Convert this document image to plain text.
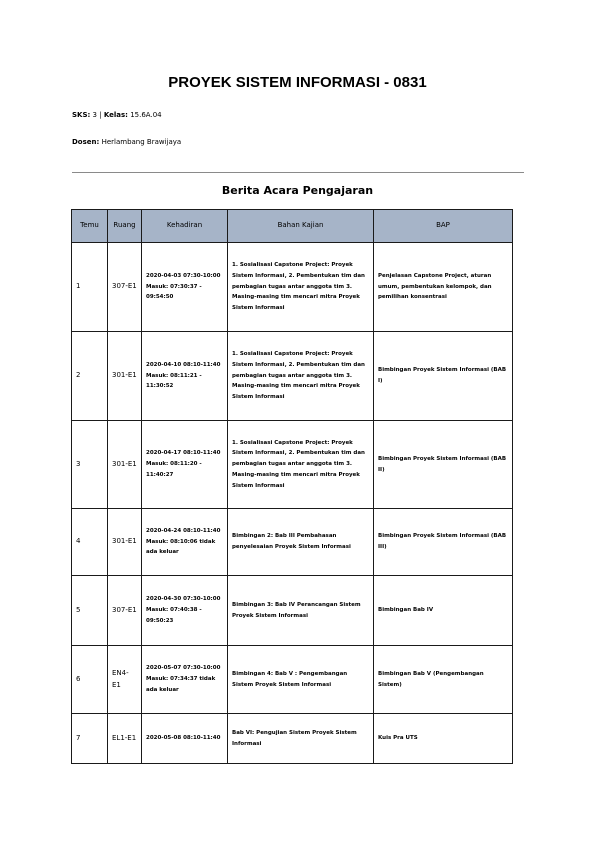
PROYEK SISTEM INFORMASI - 0831
SKS: 3 | Kelas: 15.6A.04
Dosen: Herlambang Brawijaya
Berita Acara Pengajaran
Temu	Ruang	Kehadiran	Bahan Kajian	BAP
1	307-E1	2020-04-03 07:30-10:00 Masuk: 07:30:37 - 09:54:50	1. Sosialisasi Capstone Project: Proyek Sistem Informasi, 2. Pembentukan tim dan pembagian tugas antar anggota tim 3. Masing-masing tim mencari mitra Proyek Sistem Informasi	Penjelasan Capstone Project, aturan umum, pembentukan kelompok, dan pemilihan konsentrasi
2	301-E1	2020-04-10 08:10-11:40 Masuk: 08:11:21 - 11:30:52	1. Sosialisasi Capstone Project: Proyek Sistem Informasi, 2. Pembentukan tim dan pembagian tugas antar anggota tim 3. Masing-masing tim mencari mitra Proyek Sistem Informasi	Bimbingan Proyek Sistem Informasi (BAB I)
3	301-E1	2020-04-17 08:10-11:40 Masuk: 08:11:20 - 11:40:27	1. Sosialisasi Capstone Project: Proyek Sistem Informasi, 2. Pembentukan tim dan pembagian tugas antar anggota tim 3. Masing-masing tim mencari mitra Proyek Sistem Informasi	Bimbingan Proyek Sistem Informasi (BAB II)
4	301-E1	2020-04-24 08:10-11:40 Masuk: 08:10:06 tidak ada keluar	Bimbingan 2: Bab III Pembahasan penyelesaian Proyek Sistem Informasi	Bimbingan Proyek Sistem Informasi (BAB III)
5	307-E1	2020-04-30 07:30-10:00 Masuk: 07:40:38 - 09:50:23	Bimbingan 3: Bab IV Perancangan Sistem Proyek Sistem Informasi	Bimbingan Bab IV
6	EN4-E1	2020-05-07 07:30-10:00 Masuk: 07:34:37 tidak ada keluar	Bimbingan 4: Bab V : Pengembangan Sistem Proyek Sistem Informasi	Bimbingan Bab V (Pengembangan Sistem)
7	EL1-E1	2020-05-08 08:10-11:40	Bab VI: Pengujian Sistem Proyek Sistem Informasi	Kuis Pra UTS
